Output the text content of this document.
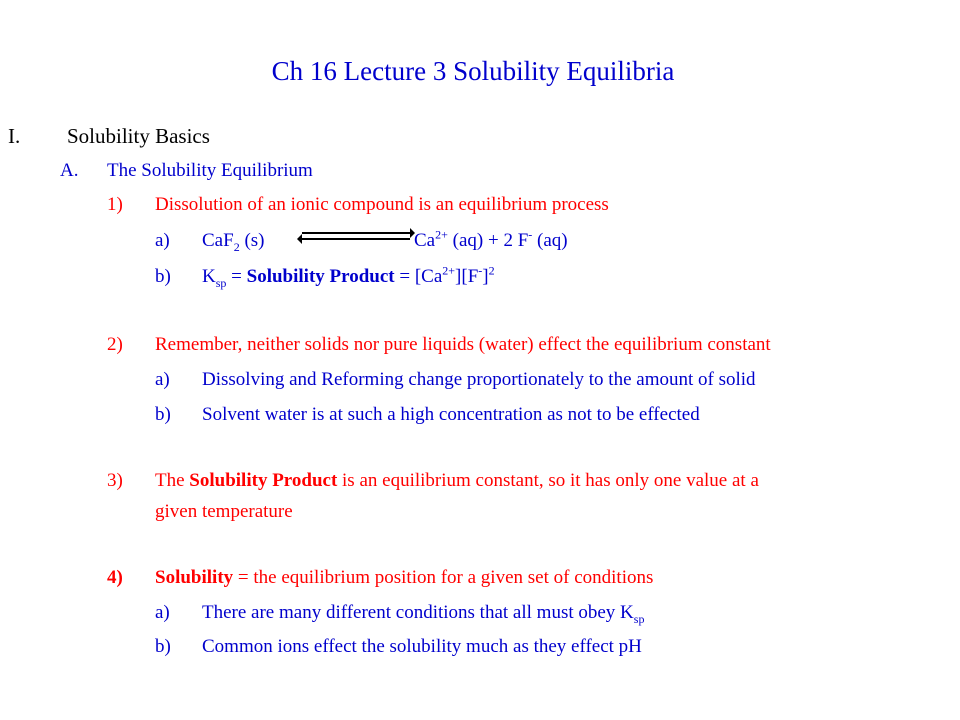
Ch 16 Lecture 3 Solubility Equilibria
I. Solubility Basics
A. The Solubility Equilibrium
1) Dissolution of an ionic compound is an equilibrium process
a) CaF$_2$ (s)	$Ca^{2+}$ (aq) + 2 F- (aq)
b) $K_{sp}$ = Solubility Product = $[Ca^{2+}][F^-]^2$
2) Remember, neither solids nor pure liquids (water) effect the equilibrium constant
a) Dissolving and Reforming change proportionately to the amount of solid
b) Solvent water is at such a high concentration as not to be effected
3) The Solubility Product is an equilibrium constant, so it has only one value at a
given temperature
4) Solubility = the equilibrium position for a given set of conditions
a) There are many different conditions that all must obey $K_{sp}$
b) Common ions effect the solubility much as they effect pH
